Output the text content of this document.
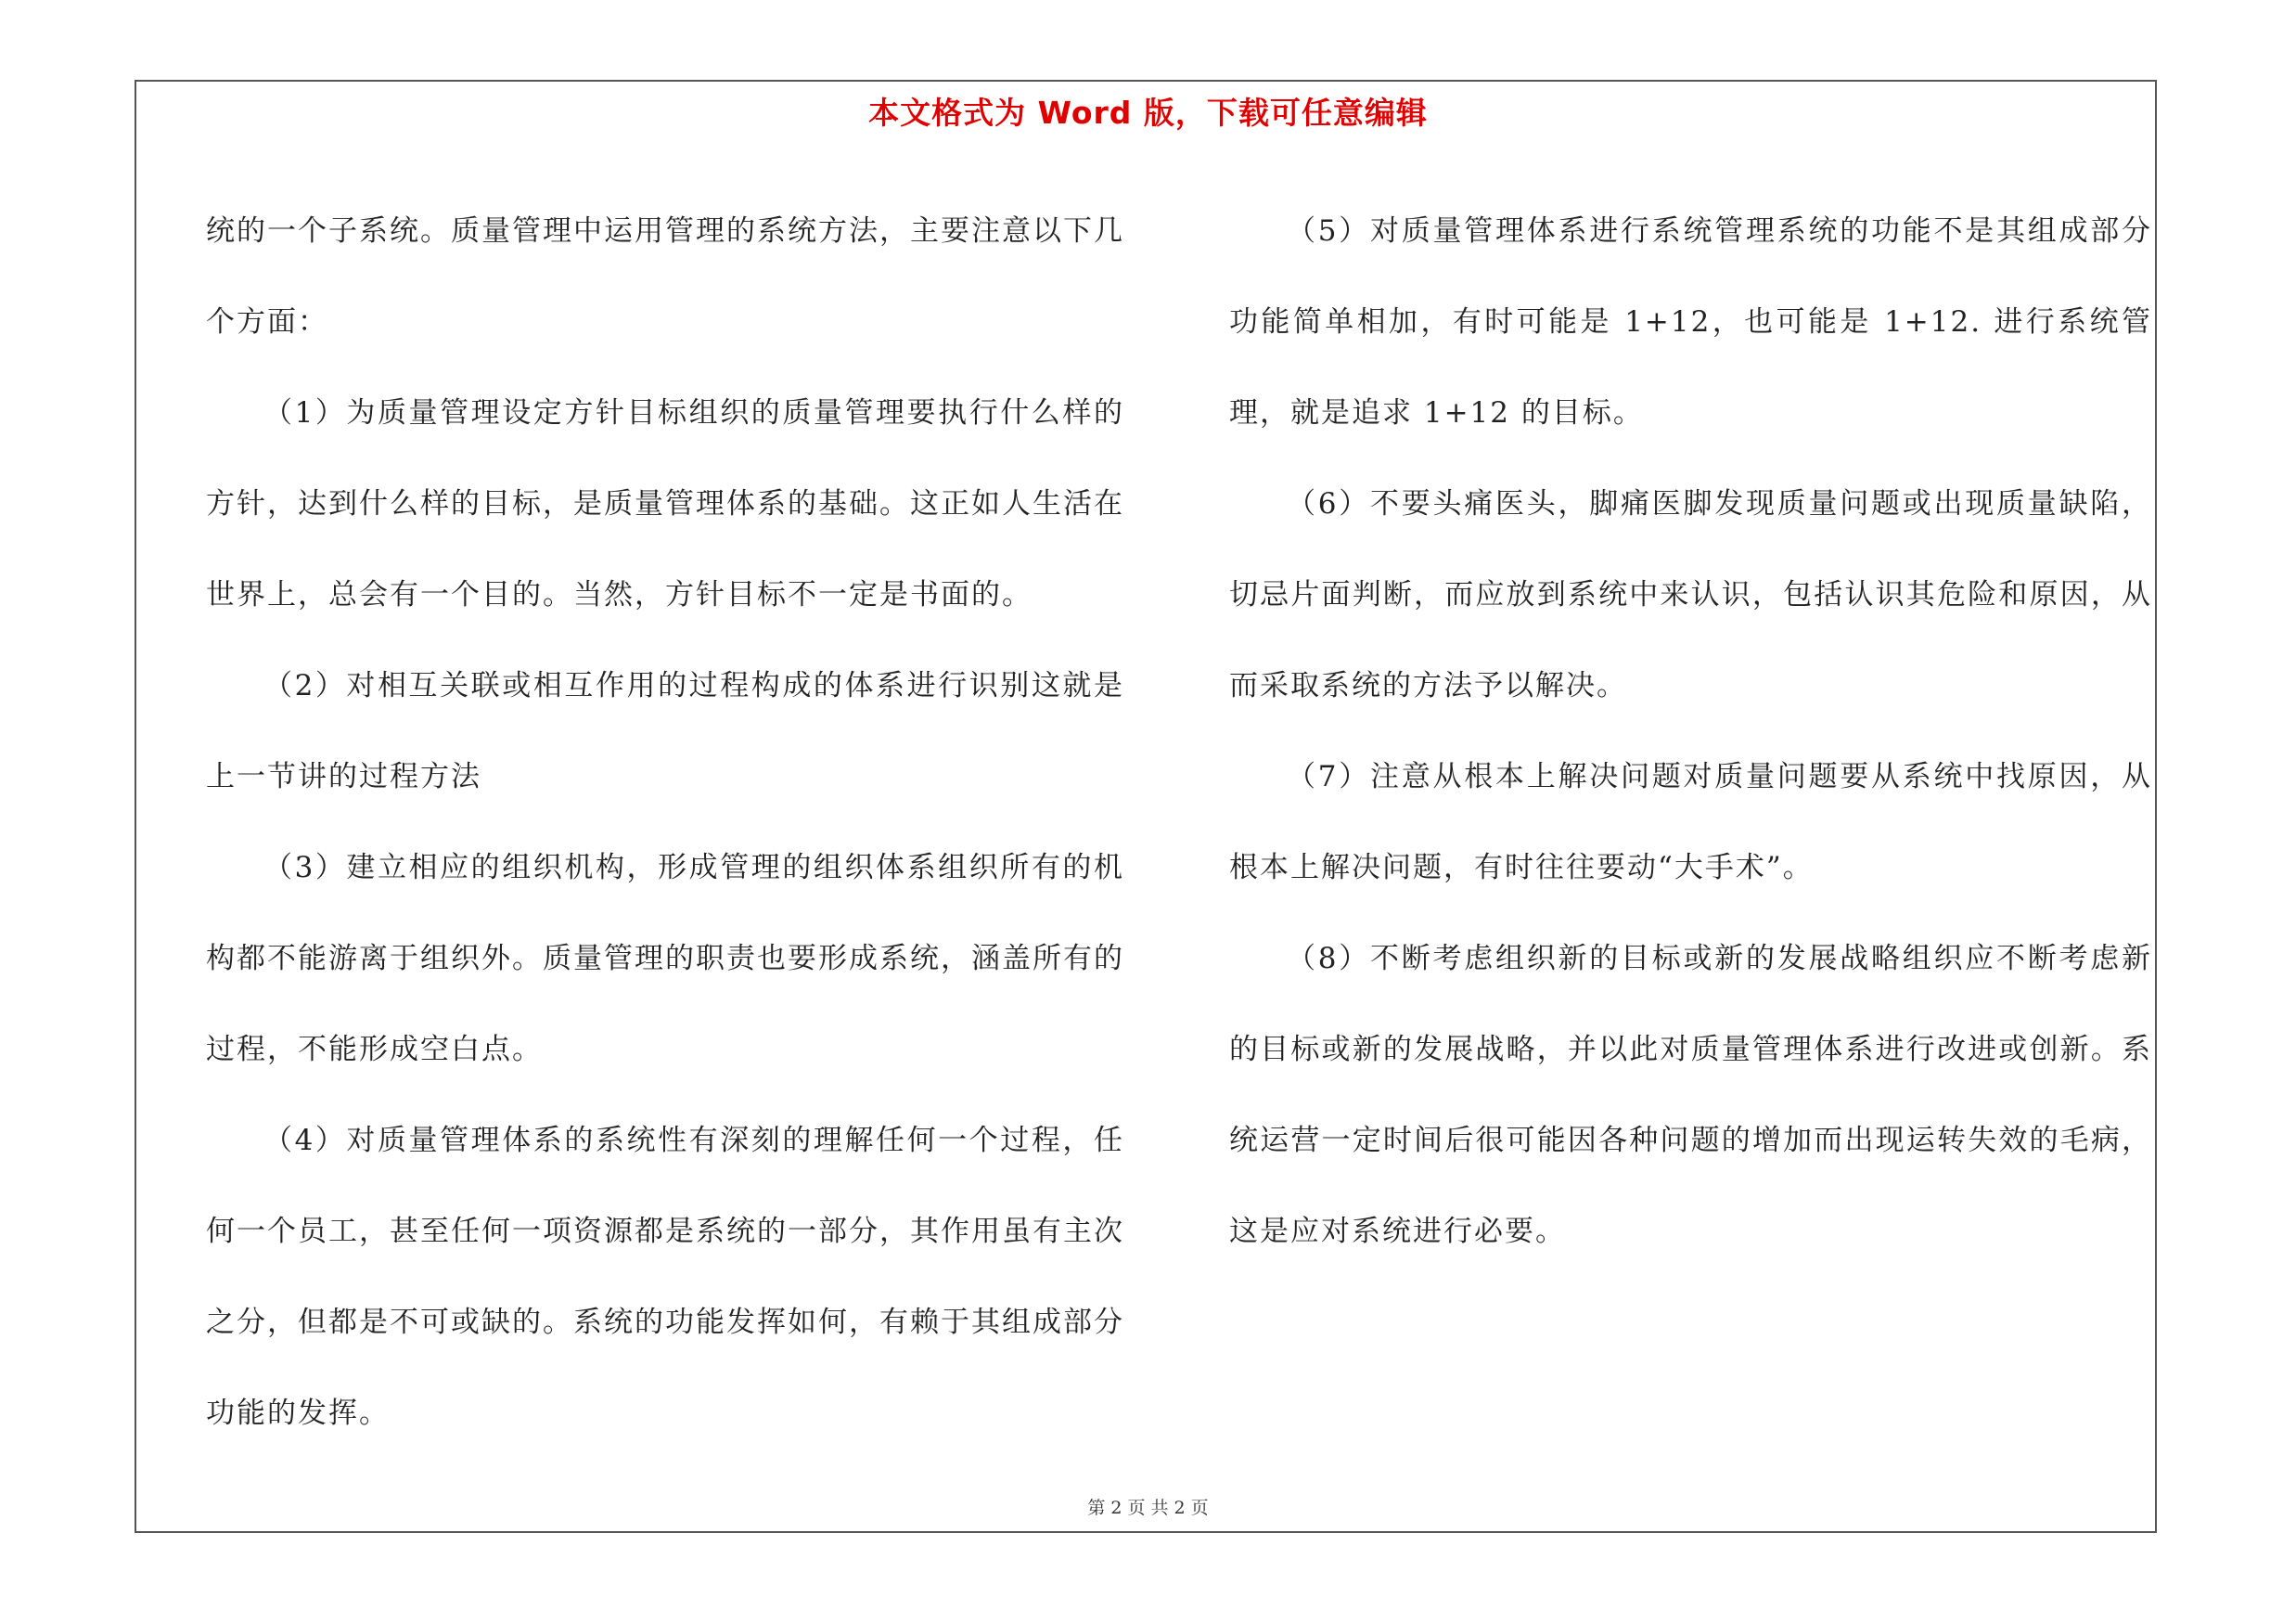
本文格式为 Word 版，下载可任意编辑

统的一个子系统。质量管理中运用管理的系统方法，主要注意以下几个方面：

（1）为质量管理设定方针目标组织的质量管理要执行什么样的方针，达到什么样的目标，是质量管理体系的基础。这正如人生活在世界上，总会有一个目的。当然，方针目标不一定是书面的。

（2）对相互关联或相互作用的过程构成的体系进行识别这就是上一节讲的过程方法

（3）建立相应的组织机构，形成管理的组织体系组织所有的机构都不能游离于组织外。质量管理的职责也要形成系统，涵盖所有的过程，不能形成空白点。

（4）对质量管理体系的系统性有深刻的理解任何一个过程，任何一个员工，甚至任何一项资源都是系统的一部分，其作用虽有主次之分，但都是不可或缺的。系统的功能发挥如何，有赖于其组成部分功能的发挥。

（5）对质量管理体系进行系统管理系统的功能不是其组成部分功能简单相加，有时可能是 1+12，也可能是 1+12. 进行系统管理，就是追求 1+12 的目标。

（6）不要头痛医头，脚痛医脚发现质量问题或出现质量缺陷，切忌片面判断，而应放到系统中来认识，包括认识其危险和原因，从而采取系统的方法予以解决。

（7）注意从根本上解决问题对质量问题要从系统中找原因，从根本上解决问题，有时往往要动“大手术”。

（8）不断考虑组织新的目标或新的发展战略组织应不断考虑新的目标或新的发展战略，并以此对质量管理体系进行改进或创新。系统运营一定时间后很可能因各种问题的增加而出现运转失效的毛病，这是应对系统进行必要。

第 2 页 共 2 页
